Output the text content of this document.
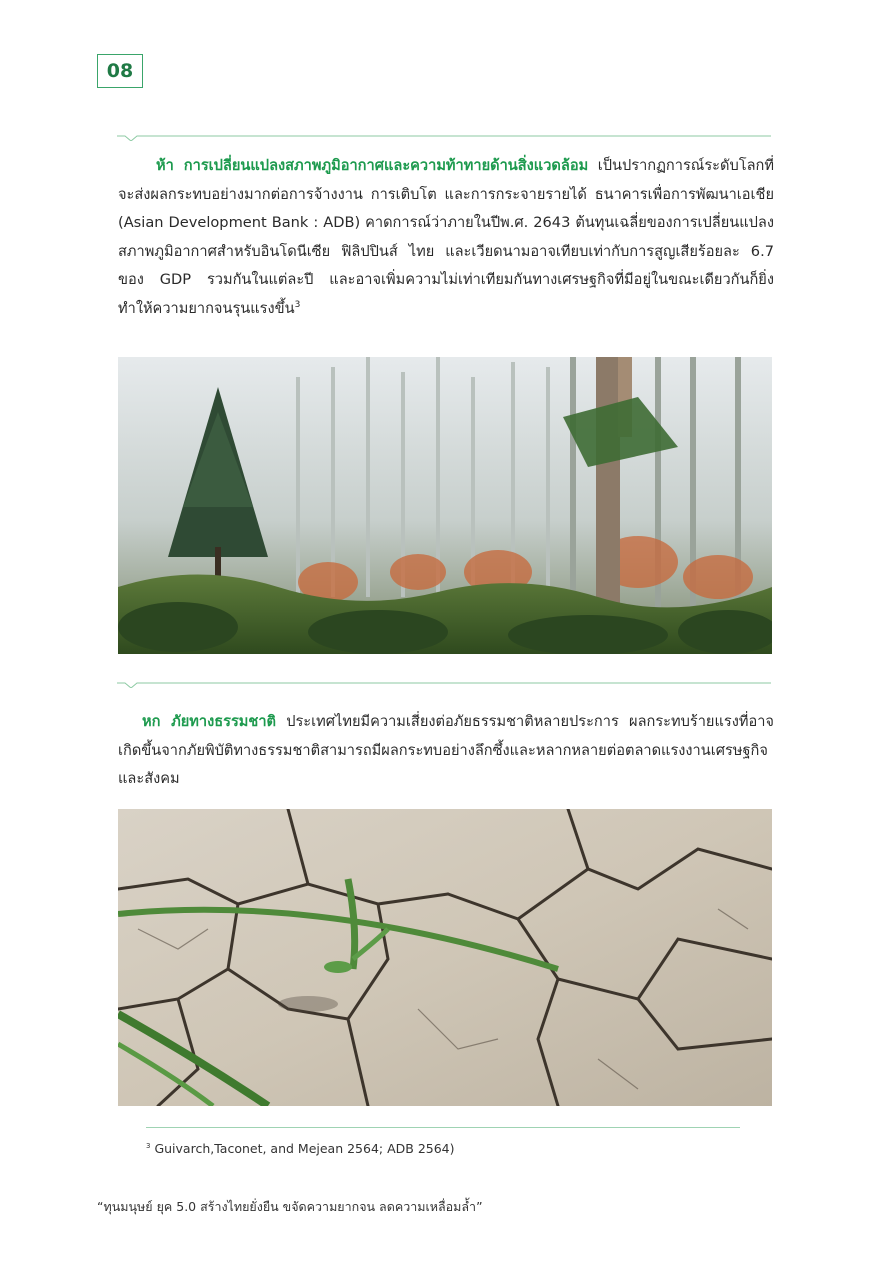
08

ห้า การเปลี่ยนแปลงสภาพภูมิอากาศและความท้าทายด้านสิ่งแวดล้อม เป็นปรากฏการณ์ระดับโลกที่จะส่งผลกระทบอย่างมากต่อการจ้างงาน การเติบโต และการกระจายรายได้ ธนาคารเพื่อการพัฒนาเอเชีย (Asian Development Bank : ADB) คาดการณ์ว่าภายในปีพ.ศ. 2643 ต้นทุนเฉลี่ยของการเปลี่ยนแปลงสภาพภูมิอากาศสำหรับอินโดนีเซีย ฟิลิปปินส์ ไทย และเวียดนามอาจเทียบเท่ากับการสูญเสียร้อยละ 6.7 ของ GDP รวมกันในแต่ละปี และอาจเพิ่มความไม่เท่าเทียมกันทางเศรษฐกิจที่มีอยู่ในขณะเดียวกันก็ยิ่งทำให้ความยากจนรุนแรงขึ้น$^3$

หก ภัยทางธรรมชาติ ประเทศไทยมีความเสี่ยงต่อภัยธรรมชาติหลายประการ ผลกระทบร้ายแรงที่อาจเกิดขึ้นจากภัยพิบัติทางธรรมชาติสามารถมีผลกระทบอย่างลึกซึ้งและหลากหลายต่อตลาดแรงงานเศรษฐกิจและสังคม

$^3$ Guivarch,Taconet, and Mejean 2564; ADB 2564)
“ทุนมนุษย์ ยุค 5.0 สร้างไทยยั่งยืน ขจัดความยากจน ลดความเหลื่อมล้ำ”
